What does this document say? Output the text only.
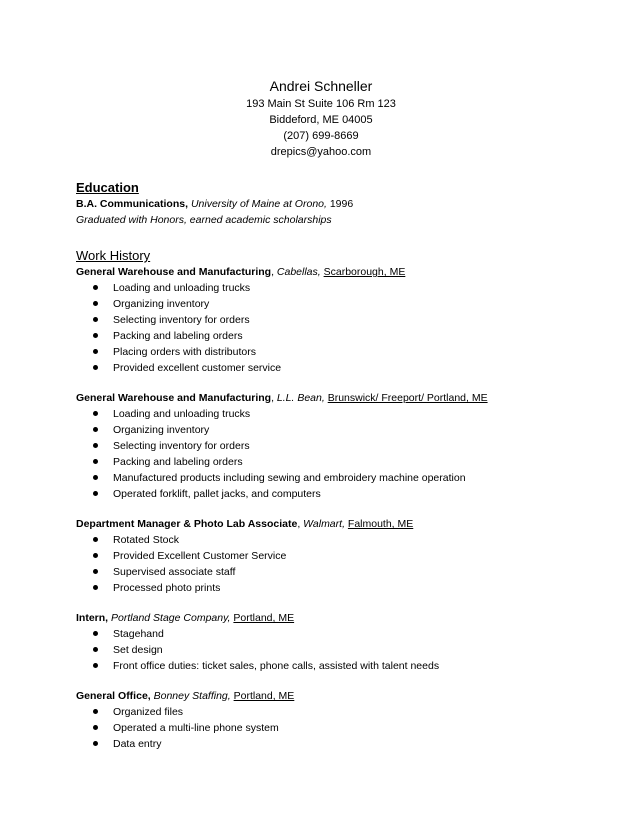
Andrei Schneller
193 Main St Suite 106 Rm 123
Biddeford, ME 04005
(207) 699-8669
drepics@yahoo.com
Education
B.A. Communications, University of Maine at Orono, 1996
Graduated with Honors, earned academic scholarships
Work History
General Warehouse and Manufacturing, Cabellas, Scarborough, ME
Loading and unloading trucks
Organizing inventory
Selecting inventory for orders
Packing and labeling orders
Placing orders with distributors
Provided excellent customer service
General Warehouse and Manufacturing, L.L. Bean, Brunswick/ Freeport/ Portland, ME
Loading and unloading trucks
Organizing inventory
Selecting inventory for orders
Packing and labeling orders
Manufactured products including sewing and embroidery machine operation
Operated forklift, pallet jacks, and computers
Department Manager & Photo Lab Associate, Walmart, Falmouth, ME
Rotated Stock
Provided Excellent Customer Service
Supervised associate staff
Processed photo prints
Intern, Portland Stage Company, Portland, ME
Stagehand
Set design
Front office duties: ticket sales, phone calls, assisted with talent needs
General Office, Bonney Staffing, Portland, ME
Organized files
Operated a multi-line phone system
Data entry
